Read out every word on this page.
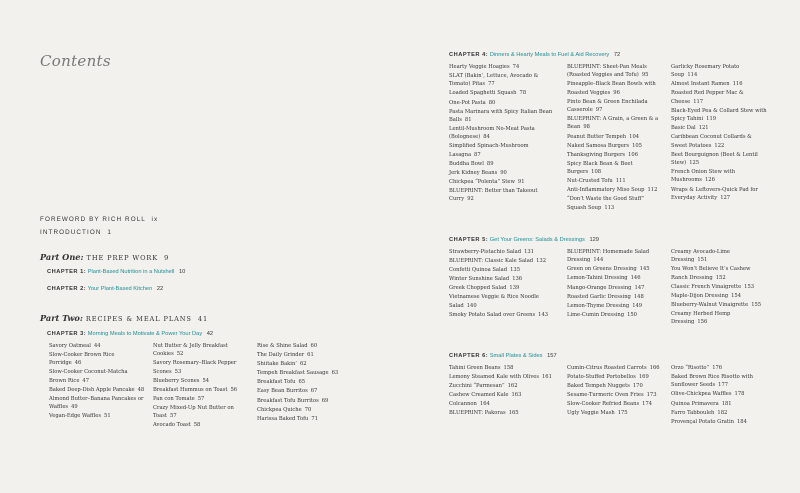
Contents
FOREWORD BY RICH ROLL ix
INTRODUCTION 1
Part One: THE PREP WORK 9
CHAPTER 1: Plant-Based Nutrition in a Nutshell 10
CHAPTER 2: Your Plant-Based Kitchen 22
Part Two: RECIPES & MEAL PLANS 41
CHAPTER 3: Morning Meals to Motivate & Power Your Day 42
Savory Oatmeal 44
Slow-Cooker Brown Rice Porridge 46
Slow-Cooker Coconut-Matcha Brown Rice 47
Baked Deep-Dish Apple Pancake 48
Almond Butter–Banana Pancakes or Waffles 49
Vegan-Edge Waffles 51
Nut Butter & Jelly Breakfast Cookies 52
Savory Rosemary–Black Pepper Scones 53
Blueberry Scones 54
Breakfast Hummus on Toast 56
Pan con Tomate 57
Crazy Mixed-Up Nut Butter on Toast 57
Avocado Toast 58
Rise & Shine Salad 60
The Daily Grinder 61
Shiitake Bakin’ 62
Tempeh Breakfast Sausage 63
Breakfast Tofu 65
Easy Bean Burritos 67
Breakfast Tofu Burritos 69
Chickpea Quiche 70
Harissa Baked Tofu 71
CHAPTER 4: Dinners & Hearty Meals to Fuel & Aid Recovery 72
Hearty Veggie Hoagies 74
SLAT (Bakin’, Lettuce, Avocado & Tomato) Pitas 77
Loaded Spaghetti Squash 78
One-Pot Pasta 80
Pasta Marinara with Spicy Italian Bean Balls 81
Lentil-Mushroom No-Meat Pasta (Bolognese) 84
Simplified Spinach-Mushroom Lasagna 87
Buddha Bowl 89
Jerk Kidney Beans 90
Chickpea “Polenta” Stew 91
BLUEPRINT: Better than Takeout Curry 92
BLUEPRINT: Sheet-Pan Meals (Roasted Veggies and Tofu) 95
Pineapple–Black Bean Bowls with Roasted Veggies 96
Pinto Bean & Green Enchilada Casserole 97
BLUEPRINT: A Grain, a Green & a Bean 98
Peanut Butter Tempeh 104
Naked Samosa Burgers 105
Thanksgiving Burgers 106
Spicy Black Bean & Beet Burgers 108
Nut-Crusted Tofu 111
Anti-Inflammatory Miso Soup 112
“Don’t Waste the Good Stuff” Squash Soup 113
Garlicky Rosemary Potato Soup 114
Almost Instant Ramen 116
Roasted Red Pepper Mac & Cheese 117
Black-Eyed Pea & Collard Stew with Spicy Tahini 119
Basic Dal 121
Caribbean Coconut Collards & Sweet Potatoes 122
Beet Bourguignon (Beet & Lentil Stew) 125
French Onion Stew with Mushrooms 126
Wraps & Leftovers-Quick Pad for Everyday Activity 127
CHAPTER 5: Get Your Greens: Salads & Dressings 129
Strawberry-Pistachio Salad 131
BLUEPRINT: Classic Kale Salad 132
Confetti Quinoa Salad 135
Winter Sunshine Salad 136
Greek Chopped Salad 139
Vietnamese Veggie & Rice Noodle Salad 140
Smoky Potato Salad over Greens 143
BLUEPRINT: Homemade Salad Dressing 144
Green on Greens Dressing 145
Lemon-Tahini Dressing 146
Mango-Orange Dressing 147
Roasted Garlic Dressing 148
Lemon-Thyme Dressing 149
Lime-Cumin Dressing 150
Creamy Avocado-Lime Dressing 151
You Won’t Believe It’s Cashew Ranch Dressing 152
Classic French Vinaigrette 153
Maple-Dijon Dressing 154
Blueberry-Walnut Vinaigrette 155
Creamy Herbed Hemp Dressing 156
CHAPTER 6: Small Plates & Sides 157
Tahini Green Beans 158
Lemony Steamed Kale with Olives 161
Zucchini “Parmesan” 162
Cashew Creamed Kale 163
Colcannon 164
BLUEPRINT: Pakoras 165
Cumin-Citrus Roasted Carrots 166
Potato-Stuffed Portobellos 169
Baked Tempeh Nuggets 170
Sesame-Turmeric Oven Fries 173
Slow-Cooker Refried Beans 174
Ugly Veggie Mash 175
Orzo “Risotto” 176
Baked Brown Rice Risotto with Sunflower Seeds 177
Olive-Chickpea Waffles 178
Quinoa Primavera 181
Farro Tabbouleh 182
Provençal Potato Gratin 184
